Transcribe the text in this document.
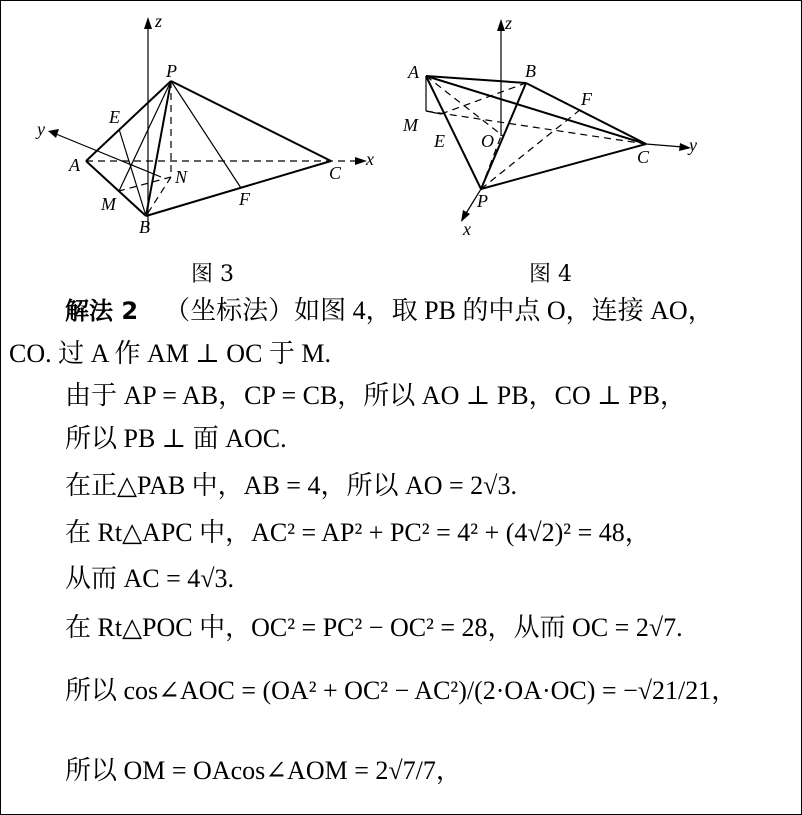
z
y
x
P
E
A
N
M
B
F
C
图 3
z
A	B
F
M
E O
C
y
P
x
图 4
解法 2 （坐标法）如图 4，取 PB 的中点 O，连接 AO，
CO. 过 A 作 AM ⊥ OC 于 M.
由于 AP = AB，CP = CB，所以 AO ⊥ PB，CO ⊥ PB，
所以 PB ⊥ 面 AOC.
在正△PAB 中，AB = 4，所以 AO = 2√3.
在 Rt△APC 中，AC² = AP² + PC² = 4² + (4√2)² = 48，
从而 AC = 4√3.
在 Rt△POC 中，OC² = PC² − OC² = 28，从而 OC = 2√7.
所以 cos∠AOC = (OA² + OC² − AC²)/(2·OA·OC) = −√21/21，
所以 OM = OAcos∠AOM = 2√7/7，
